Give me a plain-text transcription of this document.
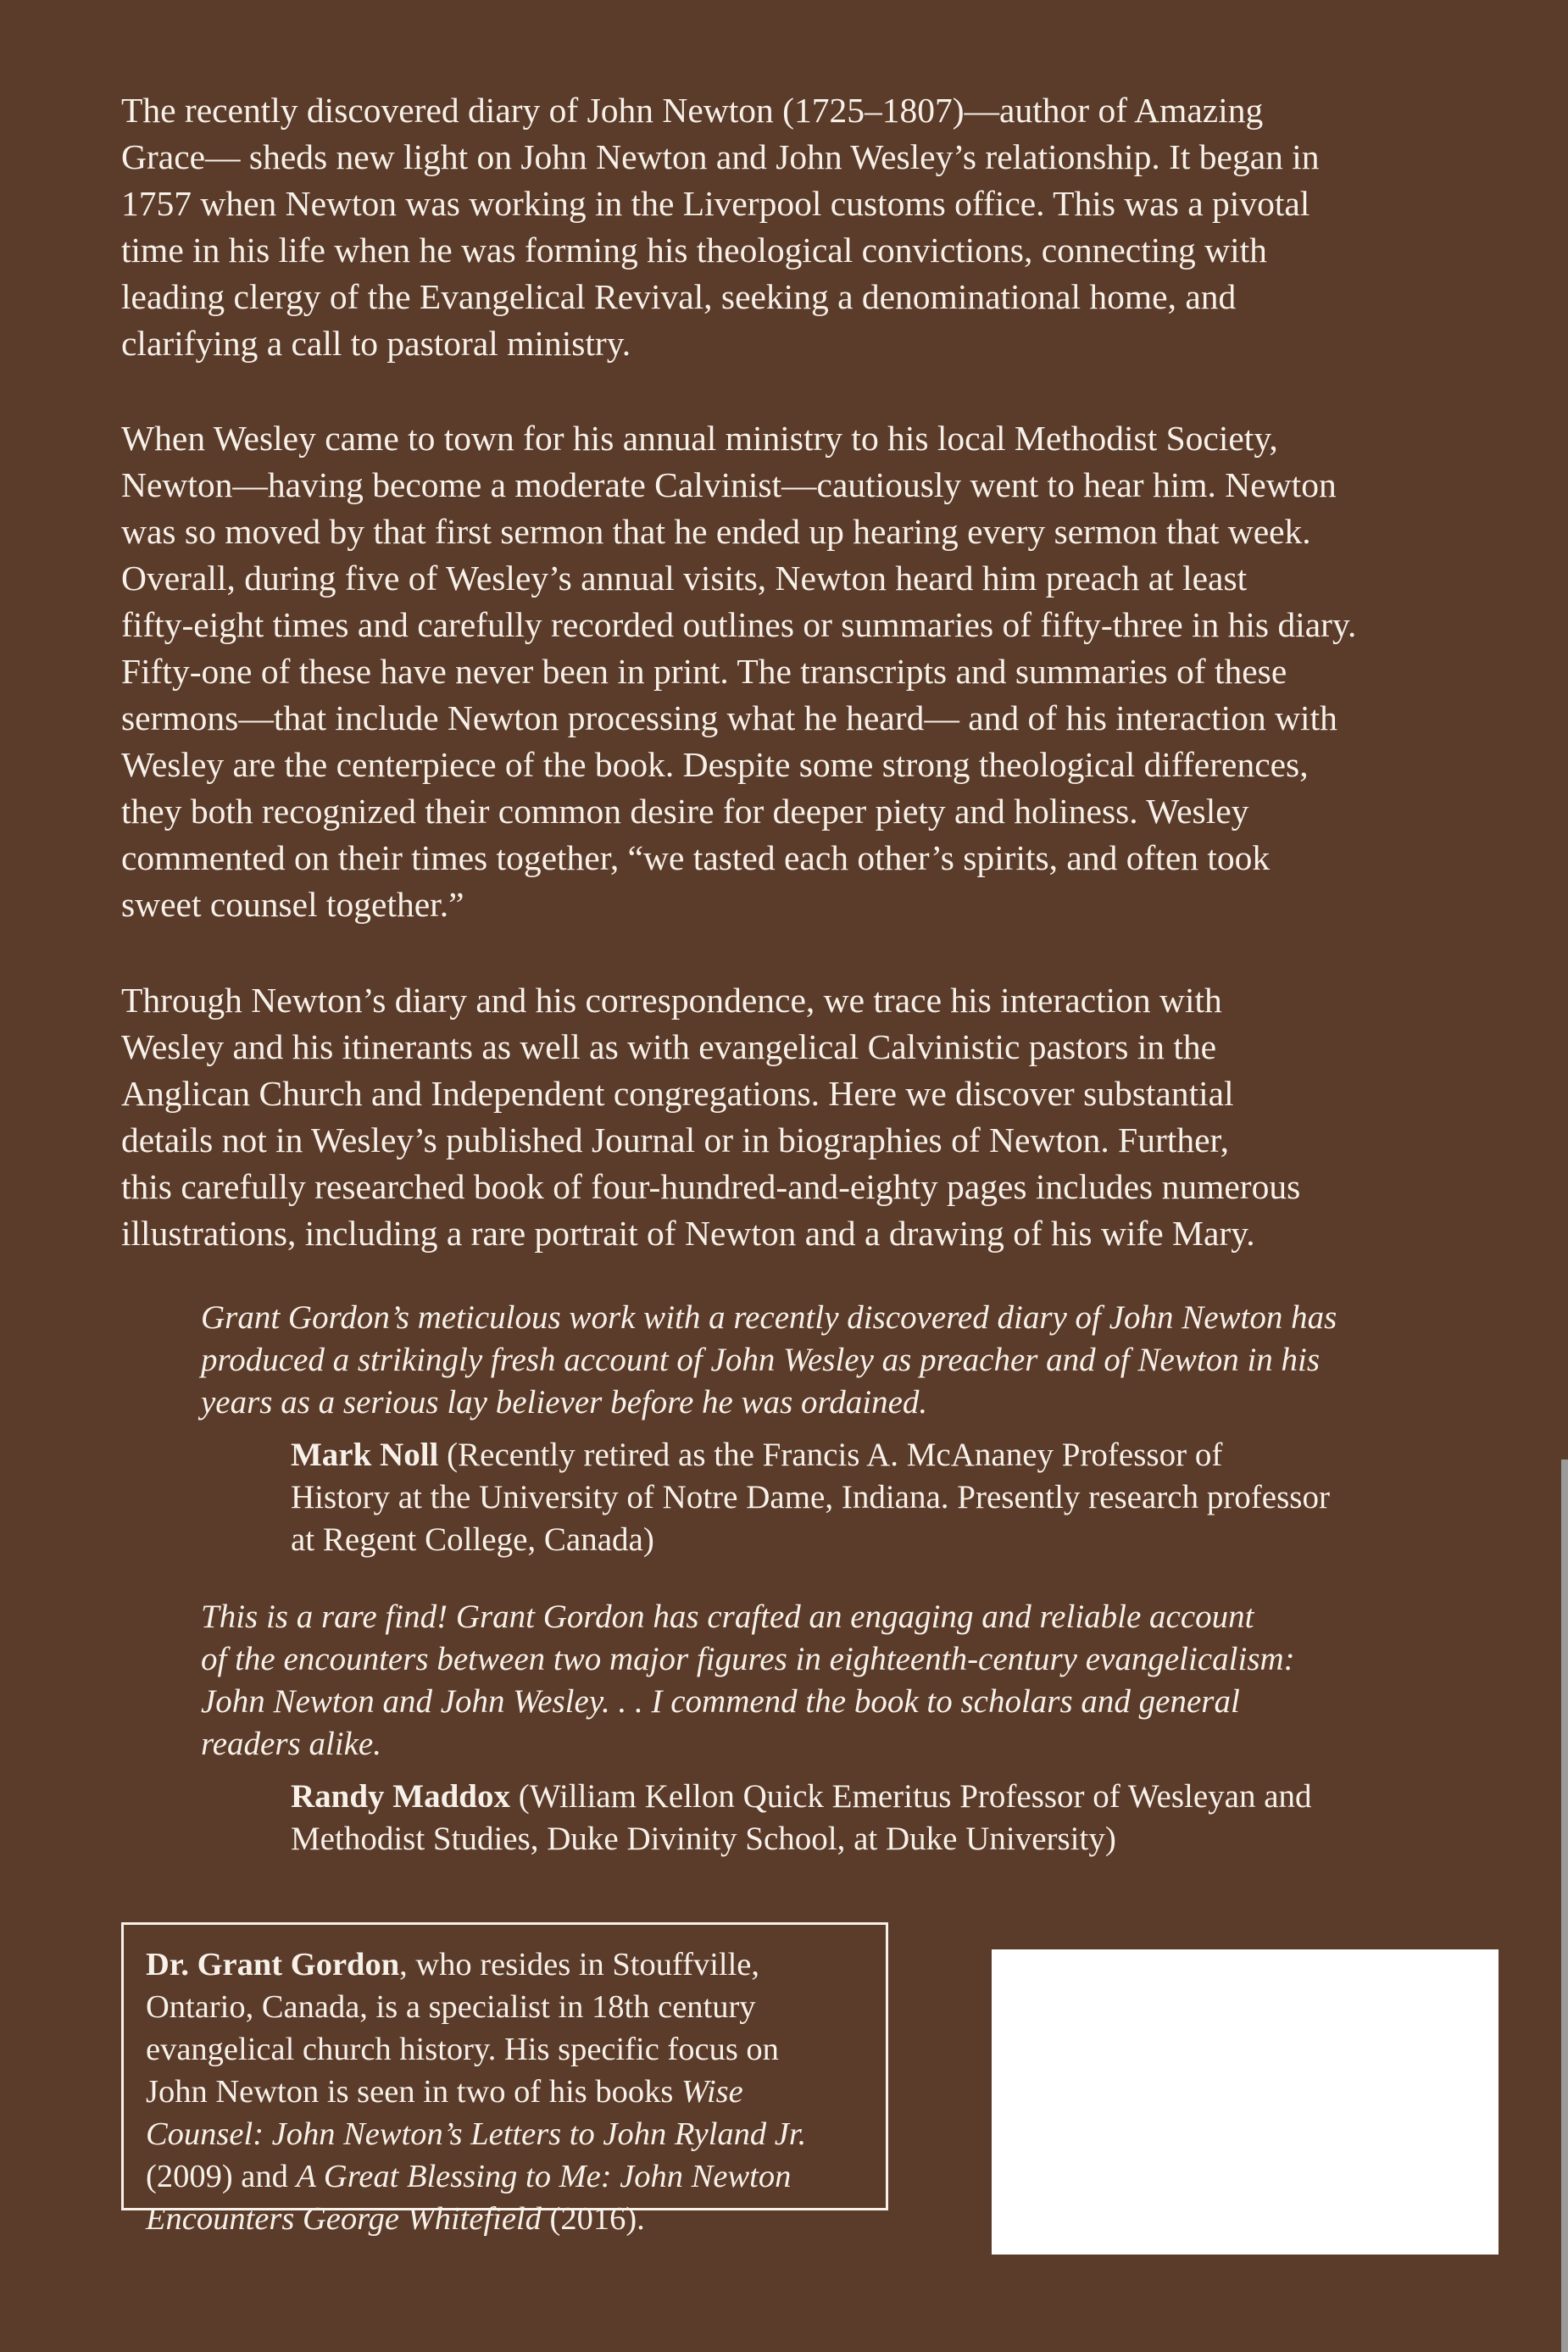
The recently discovered diary of John Newton (1725–1807)—author of Amazing
Grace— sheds new light on John Newton and John Wesley’s relationship. It began in
1757 when Newton was working in the Liverpool customs office. This was a pivotal
time in his life when he was forming his theological convictions, connecting with
leading clergy of the Evangelical Revival, seeking a denominational home, and
clarifying a call to pastoral ministry.

When Wesley came to town for his annual ministry to his local Methodist Society,
Newton—having become a moderate Calvinist—cautiously went to hear him. Newton
was so moved by that first sermon that he ended up hearing every sermon that week.
Overall, during five of Wesley’s annual visits, Newton heard him preach at least
fifty-eight times and carefully recorded outlines or summaries of fifty-three in his diary.
Fifty-one of these have never been in print. The transcripts and summaries of these
sermons—that include Newton processing what he heard— and of his interaction with
Wesley are the centerpiece of the book. Despite some strong theological differences,
they both recognized their common desire for deeper piety and holiness. Wesley
commented on their times together, “we tasted each other’s spirits, and often took
sweet counsel together.”

Through Newton’s diary and his correspondence, we trace his interaction with
Wesley and his itinerants as well as with evangelical Calvinistic pastors in the
Anglican Church and Independent congregations. Here we discover substantial
details not in Wesley’s published Journal or in biographies of Newton. Further,
this carefully researched book of four-hundred-and-eighty pages includes numerous
illustrations, including a rare portrait of Newton and a drawing of his wife Mary.

Grant Gordon’s meticulous work with a recently discovered diary of John Newton has
produced a strikingly fresh account of John Wesley as preacher and of Newton in his
years as a serious lay believer before he was ordained.

Mark Noll (Recently retired as the Francis A. McAnaney Professor of
History at the University of Notre Dame, Indiana. Presently research professor
at Regent College, Canada)

This is a rare find! Grant Gordon has crafted an engaging and reliable account
of the encounters between two major figures in eighteenth-century evangelicalism:
John Newton and John Wesley. . . I commend the book to scholars and general
readers alike.

Randy Maddox (William Kellon Quick Emeritus Professor of Wesleyan and
Methodist Studies, Duke Divinity School, at Duke University)

Dr. Grant Gordon, who resides in Stouffville,
Ontario, Canada, is a specialist in 18th century
evangelical church history. His specific focus on
John Newton is seen in two of his books Wise
Counsel: John Newton’s Letters to John Ryland Jr.
(2009) and A Great Blessing to Me: John Newton
Encounters George Whitefield (2016).
